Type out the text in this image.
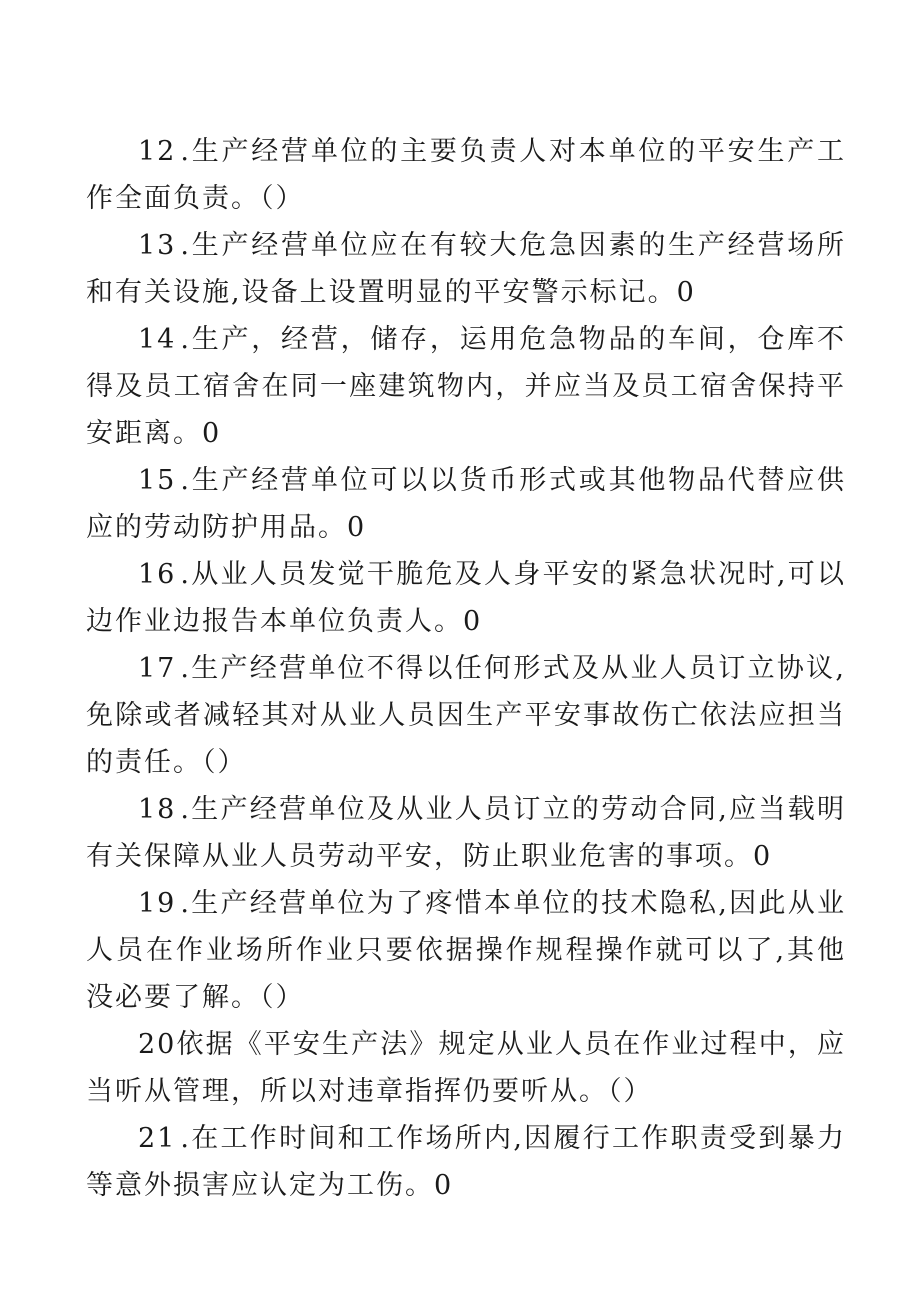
12 .生产经营单位的主要负责人对本单位的平安生产工作全面负责。（）

13 .生产经营单位应在有较大危急因素的生产经营场所和有关设施,设备上设置明显的平安警示标记。0

14 .生产，经营，储存，运用危急物品的车间，仓库不得及员工宿舍在同一座建筑物内，并应当及员工宿舍保持平安距离。0

15 .生产经营单位可以以货币形式或其他物品代替应供应的劳动防护用品。0

16 .从业人员发觉干脆危及人身平安的紧急状况时,可以边作业边报告本单位负责人。0

17 .生产经营单位不得以任何形式及从业人员订立协议,免除或者减轻其对从业人员因生产平安事故伤亡依法应担当的责任。（）

18 .生产经营单位及从业人员订立的劳动合同,应当载明有关保障从业人员劳动平安，防止职业危害的事项。0

19 .生产经营单位为了疼惜本单位的技术隐私,因此从业人员在作业场所作业只要依据操作规程操作就可以了,其他没必要了解。（）

20依据《平安生产法》规定从业人员在作业过程中，应当听从管理，所以对违章指挥仍要听从。（）

21 .在工作时间和工作场所内,因履行工作职责受到暴力等意外损害应认定为工伤。0
